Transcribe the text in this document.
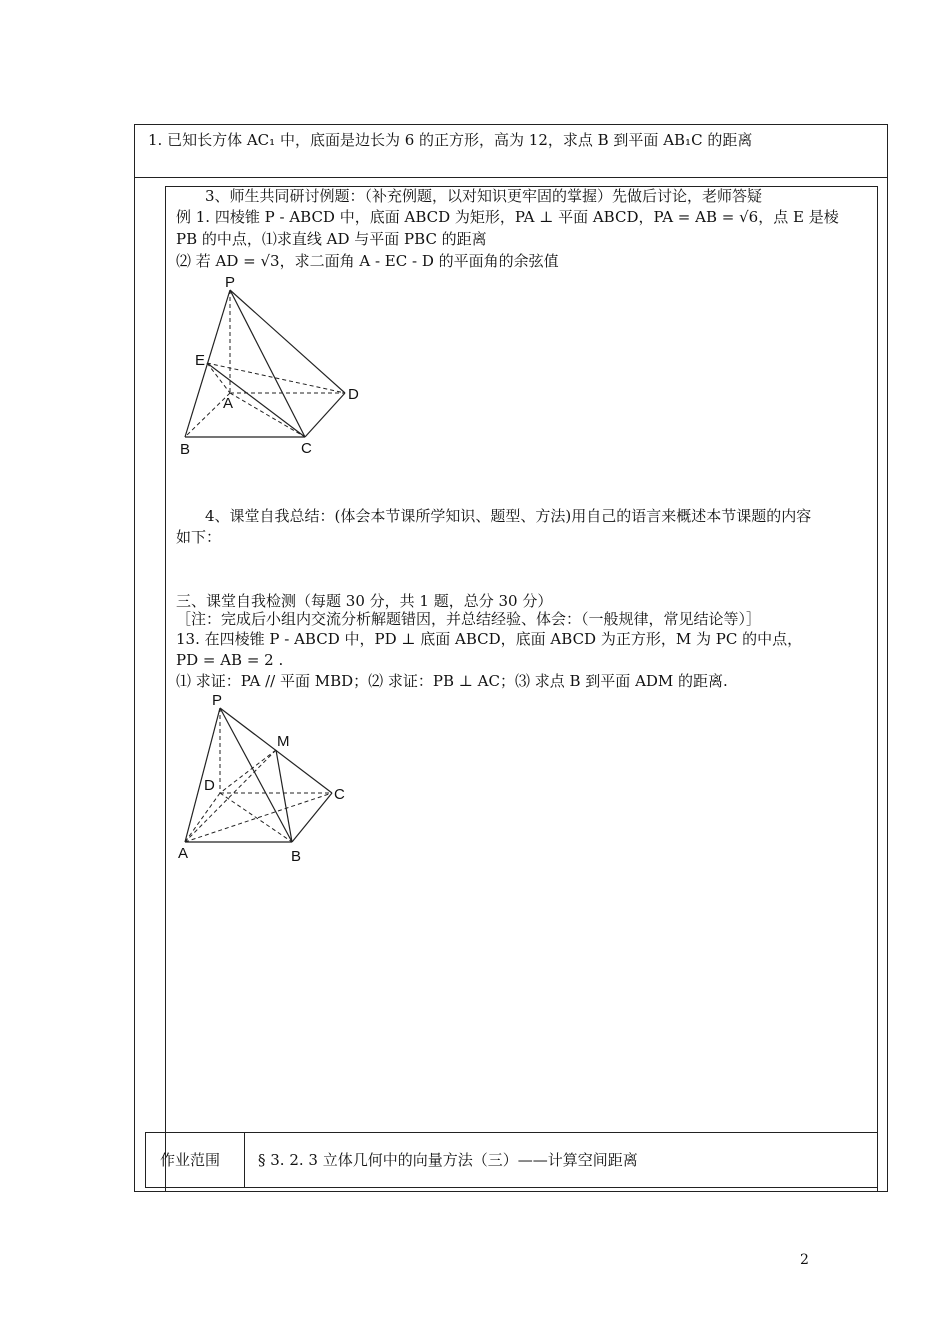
1. 已知长方体 AC₁ 中，底面是边长为 6 的正方形，高为 12，求点 B 到平面 AB₁C 的距离
3、师生共同研讨例题：（补充例题，以对知识更牢固的掌握）先做后讨论，老师答疑
例 1. 四棱锥 P - ABCD 中，底面 ABCD 为矩形，PA ⊥ 平面 ABCD，PA = AB = √6，点 E 是棱
PB 的中点，⑴求直线 AD 与平面 PBC 的距离
⑵ 若 AD = √3，求二面角 A - EC - D 的平面角的余弦值
P
E
A
D
B	C
4、课堂自我总结：(体会本节课所学知识、题型、方法)用自己的语言来概述本节课题的内容
如下：
三、课堂自我检测（每题 30 分，共 1 题，总分 30 分）
［注：完成后小组内交流分析解题错因，并总结经验、体会：（一般规律，常见结论等）］
13. 在四棱锥 P - ABCD 中，PD ⊥ 底面 ABCD，底面 ABCD 为正方形，M 为 PC 的中点，
PD = AB = 2 .
⑴ 求证：PA // 平面 MBD；⑵ 求证：PB ⊥ AC；⑶ 求点 B 到平面 ADM 的距离.
P
M
D
C
A	B
作业范围	§ 3. 2. 3 立体几何中的向量方法（三）——计算空间距离
2
